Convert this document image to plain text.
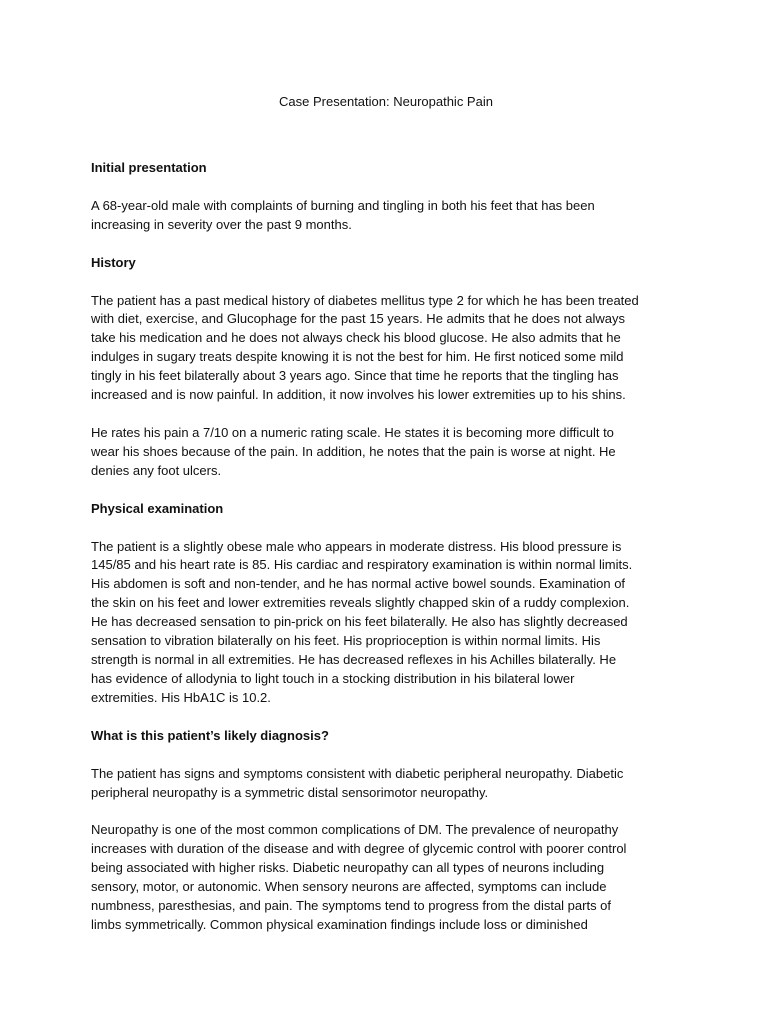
Case Presentation: Neuropathic Pain
Initial presentation

A 68-year-old male with complaints of burning and tingling in both his feet that has been
increasing in severity over the past 9 months.

History

The patient has a past medical history of diabetes mellitus type 2 for which he has been treated
with diet, exercise, and Glucophage for the past 15 years. He admits that he does not always
take his medication and he does not always check his blood glucose. He also admits that he
indulges in sugary treats despite knowing it is not the best for him. He first noticed some mild
tingly in his feet bilaterally about 3 years ago. Since that time he reports that the tingling has
increased and is now painful. In addition, it now involves his lower extremities up to his shins.

He rates his pain a 7/10 on a numeric rating scale. He states it is becoming more difficult to
wear his shoes because of the pain. In addition, he notes that the pain is worse at night. He
denies any foot ulcers.

Physical examination

The patient is a slightly obese male who appears in moderate distress. His blood pressure is
145/85 and his heart rate is 85. His cardiac and respiratory examination is within normal limits.
His abdomen is soft and non-tender, and he has normal active bowel sounds. Examination of
the skin on his feet and lower extremities reveals slightly chapped skin of a ruddy complexion.
He has decreased sensation to pin-prick on his feet bilaterally. He also has slightly decreased
sensation to vibration bilaterally on his feet. His proprioception is within normal limits. His
strength is normal in all extremities. He has decreased reflexes in his Achilles bilaterally. He
has evidence of allodynia to light touch in a stocking distribution in his bilateral lower
extremities. His HbA1C is 10.2.

What is this patient’s likely diagnosis?

The patient has signs and symptoms consistent with diabetic peripheral neuropathy. Diabetic
peripheral neuropathy is a symmetric distal sensorimotor neuropathy.

Neuropathy is one of the most common complications of DM. The prevalence of neuropathy
increases with duration of the disease and with degree of glycemic control with poorer control
being associated with higher risks. Diabetic neuropathy can all types of neurons including
sensory, motor, or autonomic. When sensory neurons are affected, symptoms can include
numbness, paresthesias, and pain. The symptoms tend to progress from the distal parts of
limbs symmetrically. Common physical examination findings include loss or diminished
